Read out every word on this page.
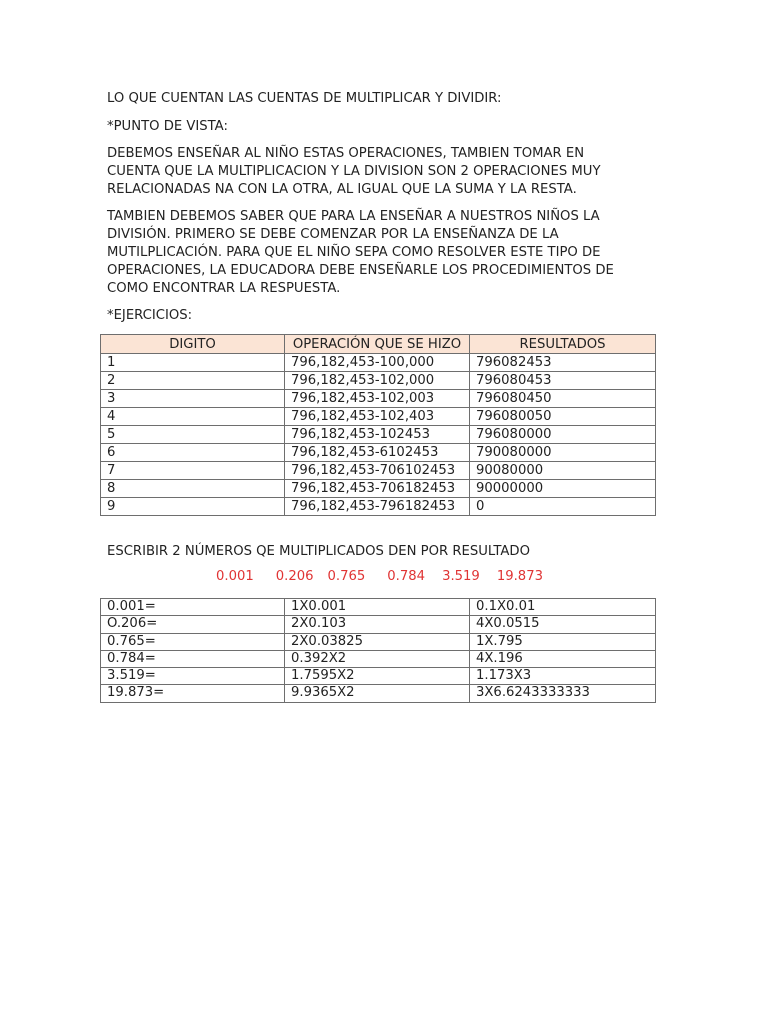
LO QUE CUENTAN LAS CUENTAS DE MULTIPLICAR Y DIVIDIR:

*PUNTO DE VISTA:

DEBEMOS ENSEÑAR AL NIÑO ESTAS OPERACIONES, TAMBIEN TOMAR EN
CUENTA QUE LA MULTIPLICACION Y LA DIVISION SON 2 OPERACIONES MUY
RELACIONADAS NA CON LA OTRA, AL IGUAL QUE LA SUMA Y LA RESTA.

TAMBIEN DEBEMOS SABER QUE PARA LA ENSEÑAR A NUESTROS NIÑOS LA
DIVISIÓN. PRIMERO SE DEBE COMENZAR POR LA ENSEÑANZA DE LA
MUTILPLICACIÓN. PARA QUE EL NIÑO SEPA COMO RESOLVER ESTE TIPO DE
OPERACIONES, LA EDUCADORA DEBE ENSEÑARLE LOS PROCEDIMIENTOS DE
COMO ENCONTRAR LA RESPUESTA.

*EJERCICIOS:

DIGITO	OPERACIÓN QUE SE HIZO	RESULTADOS
1	796,182,453-100,000	796082453
2	796,182,453-102,000	796080453
3	796,182,453-102,003	796080450
4	796,182,453-102,403	796080050
5	796,182,453-102453	796080000
6	796,182,453-6102453	790080000
7	796,182,453-706102453	90080000
8	796,182,453-706182453	90000000
9	796,182,453-796182453	0

ESCRIBIR 2 NÚMEROS QE MULTIPLICADOS DEN POR RESULTADO

0.001 0.206 0.765 0.784 3.519 19.873

0.001=	1X0.001	0.1X0.01
O.206=	2X0.103	4X0.0515
0.765=	2X0.03825	1X.795
0.784=	0.392X2	4X.196
3.519=	1.7595X2	1.173X3
19.873=	9.9365X2	3X6.6243333333
